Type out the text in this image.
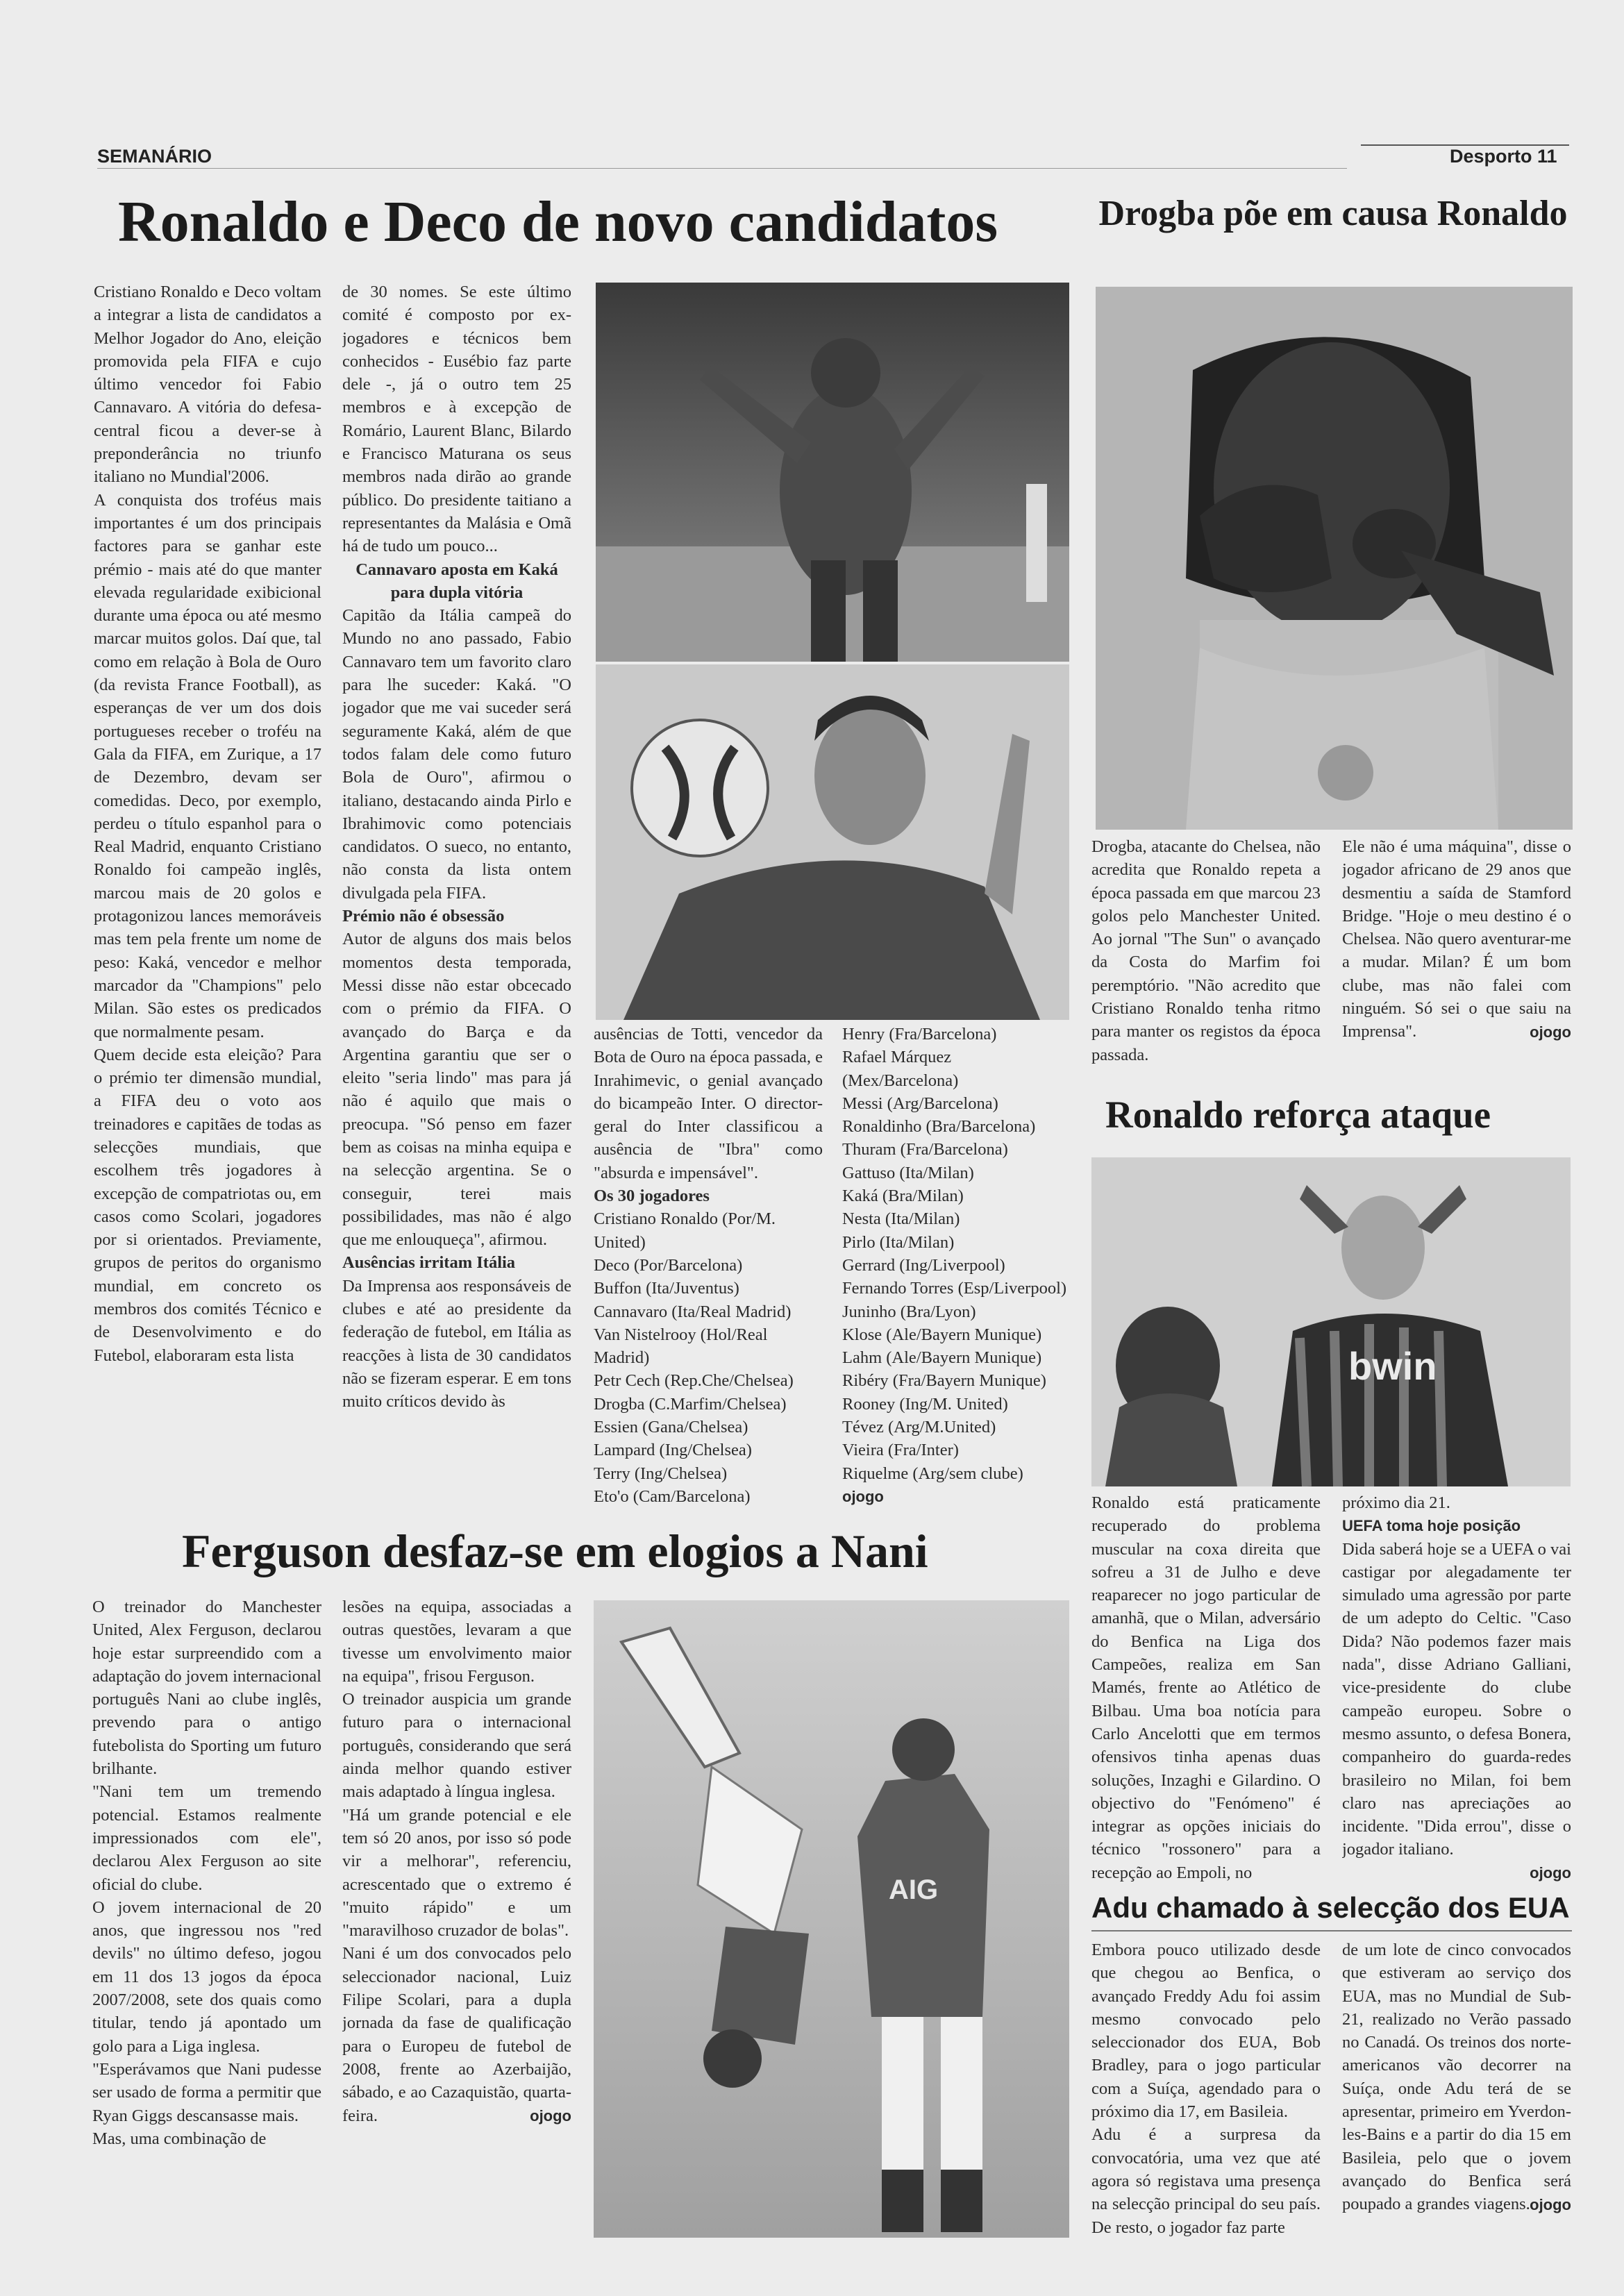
SEMANÁRIO	Desporto 11
Ronaldo e Deco de novo candidatos

Cristiano Ronaldo e Deco voltam a integrar a lista de candidatos a Melhor Jogador do Ano, eleição promovida pela FIFA e cujo último vencedor foi Fabio Cannavaro. A vitória do defesa-central ficou a dever-se à preponderância no triunfo italiano no Mundial'2006.

A conquista dos troféus mais importantes é um dos principais factores para se ganhar este prémio - mais até do que manter elevada regularidade exibicional durante uma época ou até mesmo marcar muitos golos. Daí que, tal como em relação à Bola de Ouro (da revista France Football), as esperanças de ver um dos dois portugueses receber o troféu na Gala da FIFA, em Zurique, a 17 de Dezembro, devam ser comedidas. Deco, por exemplo, perdeu o título espanhol para o Real Madrid, enquanto Cristiano Ronaldo foi campeão inglês, marcou mais de 20 golos e protagonizou lances memoráveis mas tem pela frente um nome de peso: Kaká, vencedor e melhor marcador da "Champions" pelo Milan. São estes os predicados que normalmente pesam.

Quem decide esta eleição? Para o prémio ter dimensão mundial, a FIFA deu o voto aos treinadores e capitães de todas as selecções mundiais, que escolhem três jogadores à excepção de compatriotas ou, em casos como Scolari, jogadores por si orientados. Previamente, grupos de peritos do organismo mundial, em concreto os membros dos comités Técnico e de Desenvolvimento e do Futebol, elaboraram esta lista

de 30 nomes. Se este último comité é composto por ex-jogadores e técnicos bem conhecidos - Eusébio faz parte dele -, já o outro tem 25 membros e à excepção de Romário, Laurent Blanc, Bilardo e Francisco Maturana os seus membros nada dirão ao grande público. Do presidente taitiano a representantes da Malásia e Omã há de tudo um pouco...

Cannavaro aposta em Kaká para dupla vitória

Capitão da Itália campeã do Mundo no ano passado, Fabio Cannavaro tem um favorito claro para lhe suceder: Kaká. "O jogador que me vai suceder será seguramente Kaká, além de que todos falam dele como futuro Bola de Ouro", afirmou o italiano, destacando ainda Pirlo e Ibrahimovic como potenciais candidatos. O sueco, no entanto, não consta da lista ontem divulgada pela FIFA.

Prémio não é obsessão

Autor de alguns dos mais belos momentos desta temporada, Messi disse não estar obcecado com o prémio da FIFA. O avançado do Barça e da Argentina garantiu que ser o eleito "seria lindo" mas para já não é aquilo que mais o preocupa. "Só penso em fazer bem as coisas na minha equipa e na selecção argentina. Se o conseguir, terei mais possibilidades, mas não é algo que me enlouqueça", afirmou.

Ausências irritam Itália

Da Imprensa aos responsáveis de clubes e até ao presidente da federação de futebol, em Itália as reacções à lista de 30 candidatos não se fizeram esperar. E em tons muito críticos devido às

ausências de Totti, vencedor da Bota de Ouro na época passada, e Inrahimevic, o genial avançado do bicampeão Inter. O director-geral do Inter classificou a ausência de "Ibra" como "absurda e impensável".

Os 30 jogadores

Cristiano Ronaldo (Por/M. United)

Deco (Por/Barcelona)

Buffon (Ita/Juventus)

Cannavaro (Ita/Real Madrid)

Van Nistelrooy (Hol/Real Madrid)

Petr Cech (Rep.Che/Chelsea)

Drogba (C.Marfim/Chelsea)

Essien (Gana/Chelsea)

Lampard (Ing/Chelsea)

Terry (Ing/Chelsea)

Eto'o (Cam/Barcelona)

Henry (Fra/Barcelona)

Rafael Márquez (Mex/Barcelona)

Messi (Arg/Barcelona)

Ronaldinho (Bra/Barcelona)

Thuram (Fra/Barcelona)

Gattuso (Ita/Milan)

Kaká (Bra/Milan)

Nesta (Ita/Milan)

Pirlo (Ita/Milan)

Gerrard (Ing/Liverpool)

Fernando Torres (Esp/Liverpool)

Juninho (Bra/Lyon)

Klose (Ale/Bayern Munique)

Lahm (Ale/Bayern Munique)

Ribéry (Fra/Bayern Munique)

Rooney (Ing/M. United)

Tévez (Arg/M.United)

Vieira (Fra/Inter)

Riquelme (Arg/sem clube)

ojogo

Drogba põe em causa Ronaldo

Drogba, atacante do Chelsea, não acredita que Ronaldo repeta a época passada em que marcou 23 golos pelo Manchester United. Ao jornal "The Sun" o avançado da Costa do Marfim foi peremptório. "Não acredito que Cristiano Ronaldo tenha ritmo para manter os registos da época passada.

Ele não é uma máquina", disse o jogador africano de 29 anos que desmentiu a saída de Stamford Bridge. "Hoje o meu destino é o Chelsea. Não quero aventurar-me a mudar. Milan? É um bom clube, mas não falei com ninguém. Só sei o que saiu na Imprensa".	ojogo

Ronaldo reforça ataque
bwin

Ronaldo está praticamente recuperado do problema muscular na coxa direita que sofreu a 31 de Julho e deve reaparecer no jogo particular de amanhã, que o Milan, adversário do Benfica na Liga dos Campeões, realiza em San Mamés, frente ao Atlético de Bilbau. Uma boa notícia para Carlo Ancelotti que em termos ofensivos tinha apenas duas soluções, Inzaghi e Gilardino. O objectivo do "Fenómeno" é integrar as opções iniciais do técnico "rossonero" para a recepção ao Empoli, no

próximo dia 21.

UEFA toma hoje posição

Dida saberá hoje se a UEFA o vai castigar por alegadamente ter simulado uma agressão por parte de um adepto do Celtic. "Caso Dida? Não podemos fazer mais nada", disse Adriano Galliani, vice-presidente do clube campeão europeu. Sobre o mesmo assunto, o defesa Bonera, companheiro do guarda-redes brasileiro no Milan, foi bem claro nas apreciações ao incidente. "Dida errou", disse o jogador italiano.

ojogo

Ferguson desfaz-se em elogios a Nani

O treinador do Manchester United, Alex Ferguson, declarou hoje estar surpreendido com a adaptação do jovem internacional português Nani ao clube inglês, prevendo para o antigo futebolista do Sporting um futuro brilhante.

"Nani tem um tremendo potencial. Estamos realmente impressionados com ele", declarou Alex Ferguson ao site oficial do clube.

O jovem internacional de 20 anos, que ingressou nos "red devils" no último defeso, jogou em 11 dos 13 jogos da época 2007/2008, sete dos quais como titular, tendo já apontado um golo para a Liga inglesa.

"Esperávamos que Nani pudesse ser usado de forma a permitir que Ryan Giggs descansasse mais.

Mas, uma combinação de

lesões na equipa, associadas a outras questões, levaram a que tivesse um envolvimento maior na equipa", frisou Ferguson.

O treinador auspicia um grande futuro para o internacional português, considerando que será ainda melhor quando estiver mais adaptado à língua inglesa.

"Há um grande potencial e ele tem só 20 anos, por isso só pode vir a melhorar", referenciu, acrescentado que o extremo é "muito rápido" e um "maravilhoso cruzador de bolas".

Nani é um dos convocados pelo seleccionador nacional, Luiz Filipe Scolari, para a dupla jornada da fase de qualificação para o Europeu de futebol de 2008, frente ao Azerbaijão, sábado, e ao Cazaquistão, quarta-feira.	ojogo

AIG
Adu chamado à selecção dos EUA

Embora pouco utilizado desde que chegou ao Benfica, o avançado Freddy Adu foi assim mesmo convocado pelo seleccionador dos EUA, Bob Bradley, para o jogo particular com a Suíça, agendado para o próximo dia 17, em Basileia.

Adu é a surpresa da convocatória, uma vez que até agora só registava uma presença na selecção principal do seu país. De resto, o jogador faz parte

de um lote de cinco convocados que estiveram ao serviço dos EUA, mas no Mundial de Sub-21, realizado no Verão passado no Canadá. Os treinos dos norte-americanos vão decorrer na Suíça, onde Adu terá de se apresentar, primeiro em Yverdon-les-Bains e a partir do dia 15 em Basileia, pelo que o jovem avançado do Benfica será poupado a grandes viagens. ojogo
